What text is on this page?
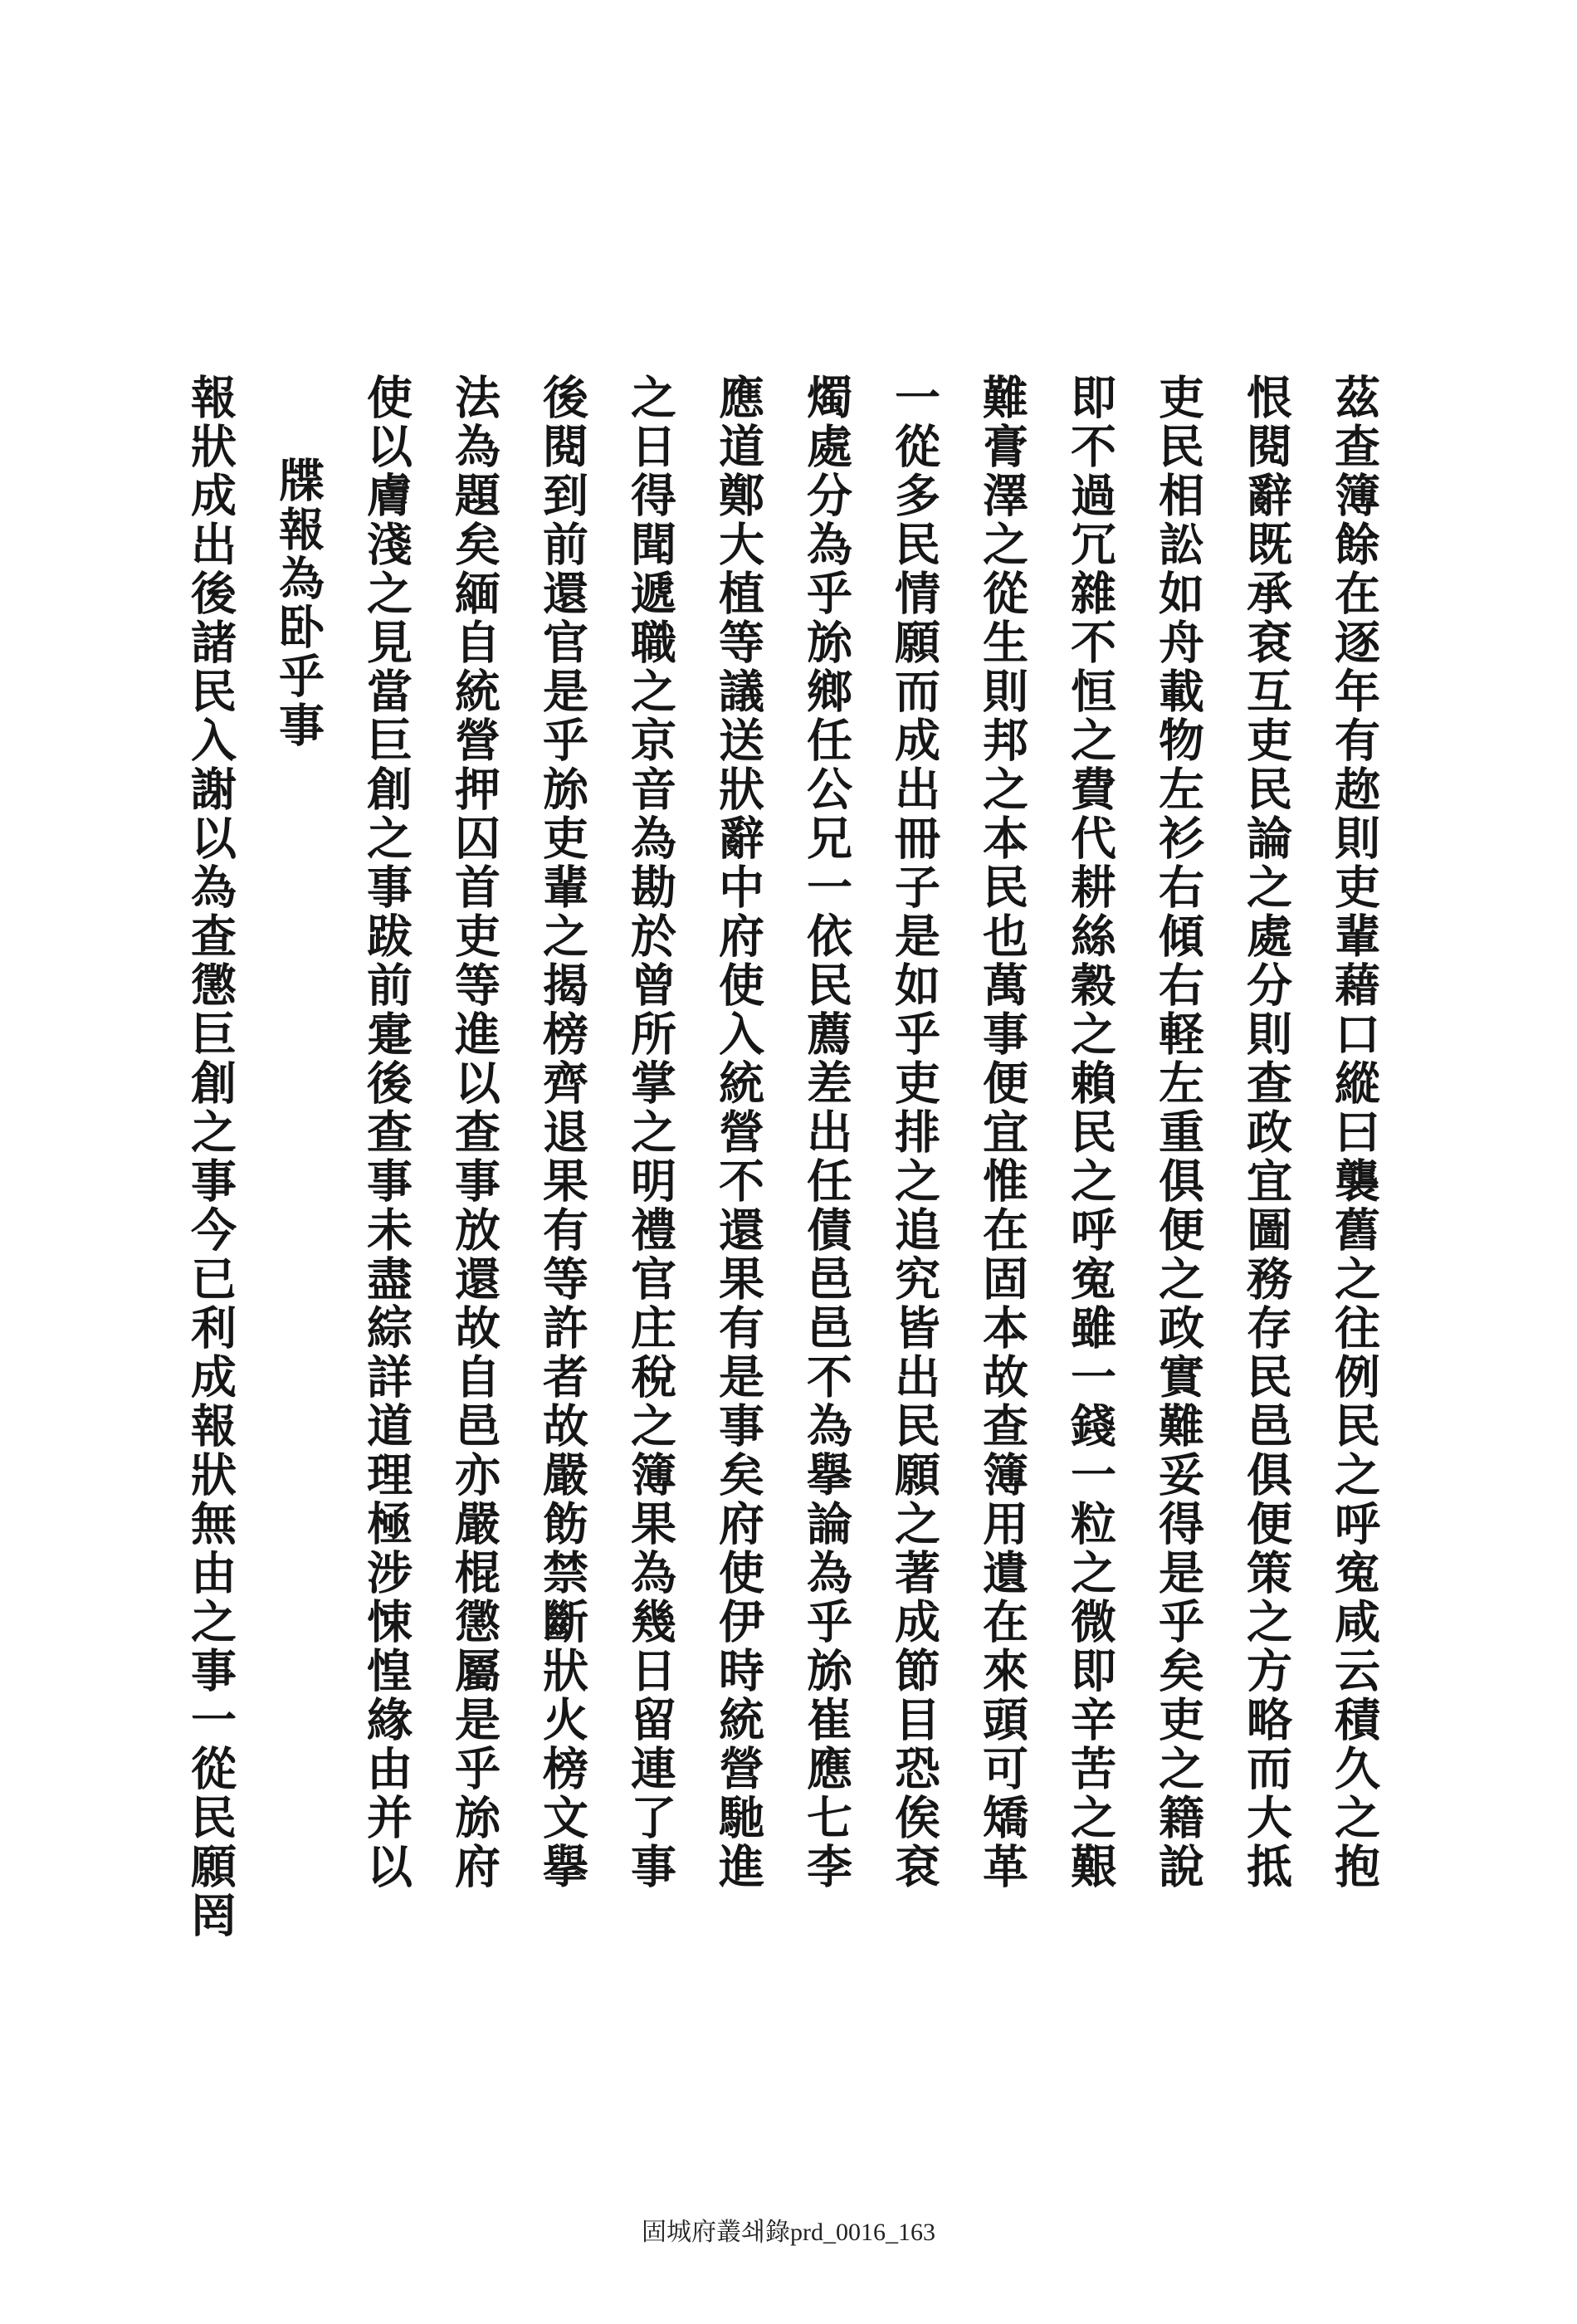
茲查簿餘在逐年有趂則吏輩藉口縱曰襲舊之往例民之呼寃咸云積久之抱
恨閱辭既承袞互吏民論之處分則查政宜圖務存民邑俱便策之方略而大抵
吏民相訟如舟載物左衫右傾右軽左重俱便之政實難妥得是乎矣吏之籍說
即不過冗雜不恒之費代耕絲穀之賴民之呼寃雖一錢一粒之微即辛苦之艱
難膏澤之從生則邦之本民也萬事便宜惟在固本故查簿用遺在來頭可矯革
一從多民情願而成出冊子是如乎吏排之追究皆出民願之著成節目恐俟袞
燭處分為乎旀鄉任公兄一依民薦差出任債邑邑不為擧論為乎旀崔應七李
應道鄭大植等議送狀辭中府使入統營不還果有是事矣府使伊時統營馳進
之日得聞遞職之京音為勘於曾所掌之明禮官庄稅之簿果為幾日留連了事
後閱到前還官是乎旀吏輩之揭榜齊退果有等許者故嚴飭禁斷狀火榜文擧
法為題矣緬自統營押囚首吏等進以查事放還故自邑亦嚴棍懲屬是乎旀府
使以膚淺之見當巨創之事跋前疐後查事未盡綜詳道理極涉悚惶緣由并以
牒報為卧乎事
報狀成出後諸民入謝以為查懲巨創之事今已利成報狀無由之事一從民願罔
固城府叢쇄錄prd_0016_163
